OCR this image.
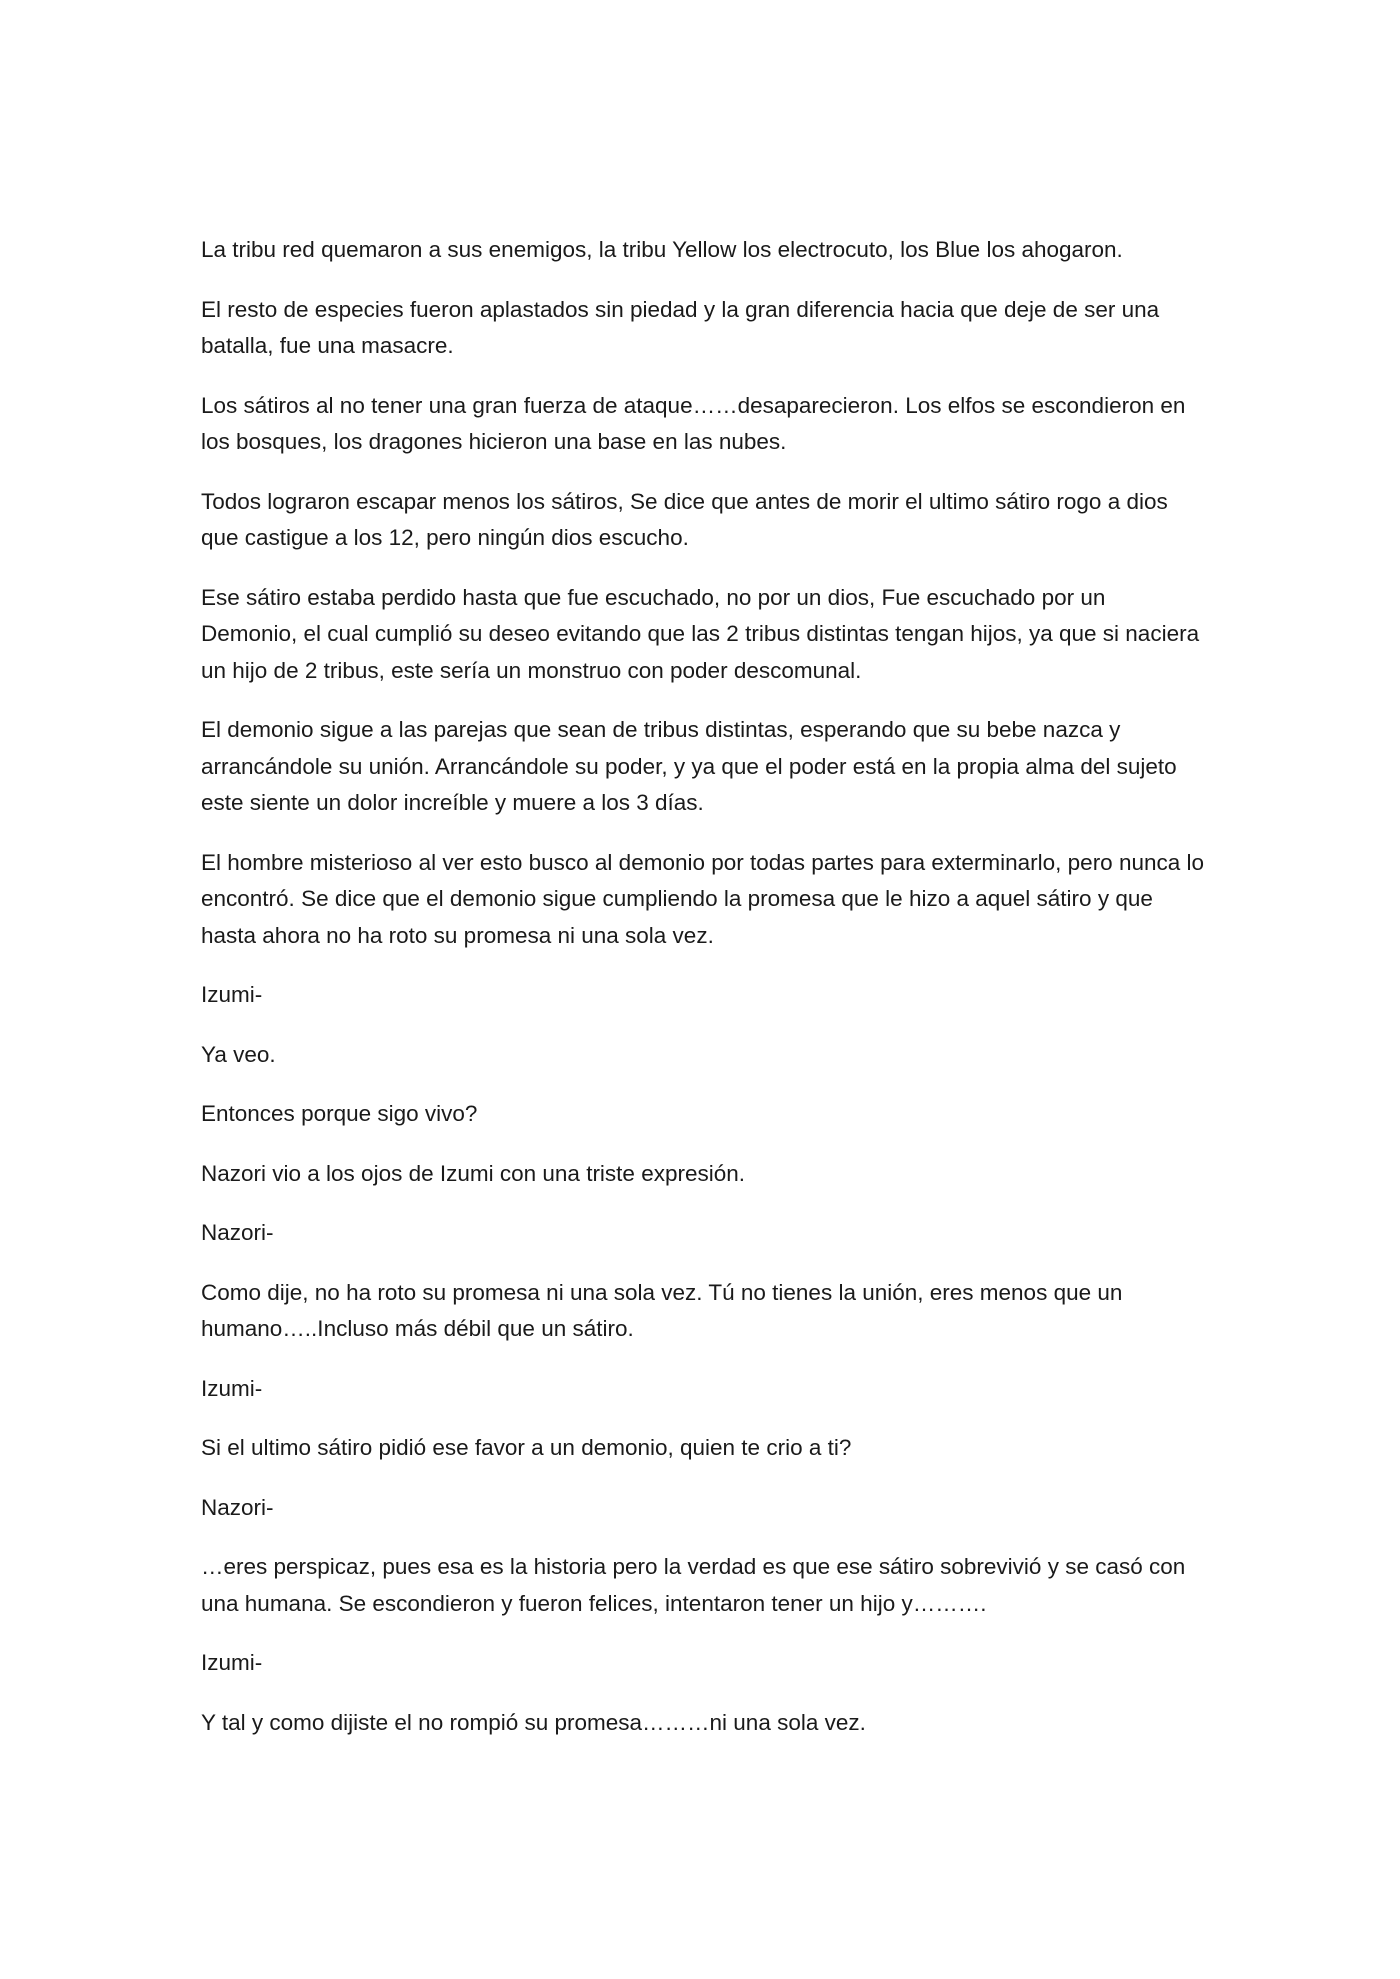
La tribu red quemaron a sus enemigos, la tribu Yellow los electrocuto, los Blue los ahogaron.

El resto de especies fueron aplastados sin piedad y la gran diferencia hacia que deje de ser una batalla, fue una masacre.

Los sátiros al no tener una gran fuerza de ataque……desaparecieron. Los elfos se escondieron en los bosques, los dragones hicieron una base en las nubes.

Todos lograron escapar menos los sátiros, Se dice que antes de morir el ultimo sátiro rogo a dios que castigue a los 12, pero ningún dios escucho.

Ese sátiro estaba perdido hasta que fue escuchado, no por un dios, Fue escuchado por un Demonio, el cual cumplió su deseo evitando que las 2 tribus distintas tengan hijos, ya que si naciera un hijo de 2 tribus, este sería un monstruo con poder descomunal.

El demonio sigue a las parejas que sean de tribus distintas, esperando que su bebe nazca y arrancándole su unión. Arrancándole su poder, y ya que el poder está en la propia alma del sujeto este siente un dolor increíble y muere a los 3 días.

El hombre misterioso al ver esto busco al demonio por todas partes para exterminarlo, pero nunca lo encontró. Se dice que el demonio sigue cumpliendo la promesa que le hizo a aquel sátiro y que hasta ahora no ha roto su promesa ni una sola vez.

Izumi-

Ya veo.

Entonces porque sigo vivo?

Nazori vio a los ojos de Izumi con una triste expresión.

Nazori-

Como dije, no ha roto su promesa ni una sola vez. Tú no tienes la unión, eres menos que un humano…..Incluso más débil que un sátiro.

Izumi-

Si el ultimo sátiro pidió ese favor a un demonio, quien te crio a ti?

Nazori-

…eres perspicaz, pues esa es la historia pero la verdad es que ese sátiro sobrevivió y se casó con una humana. Se escondieron y fueron felices, intentaron tener un hijo y……….

Izumi-

Y tal y como dijiste el no rompió su promesa………ni una sola vez.
